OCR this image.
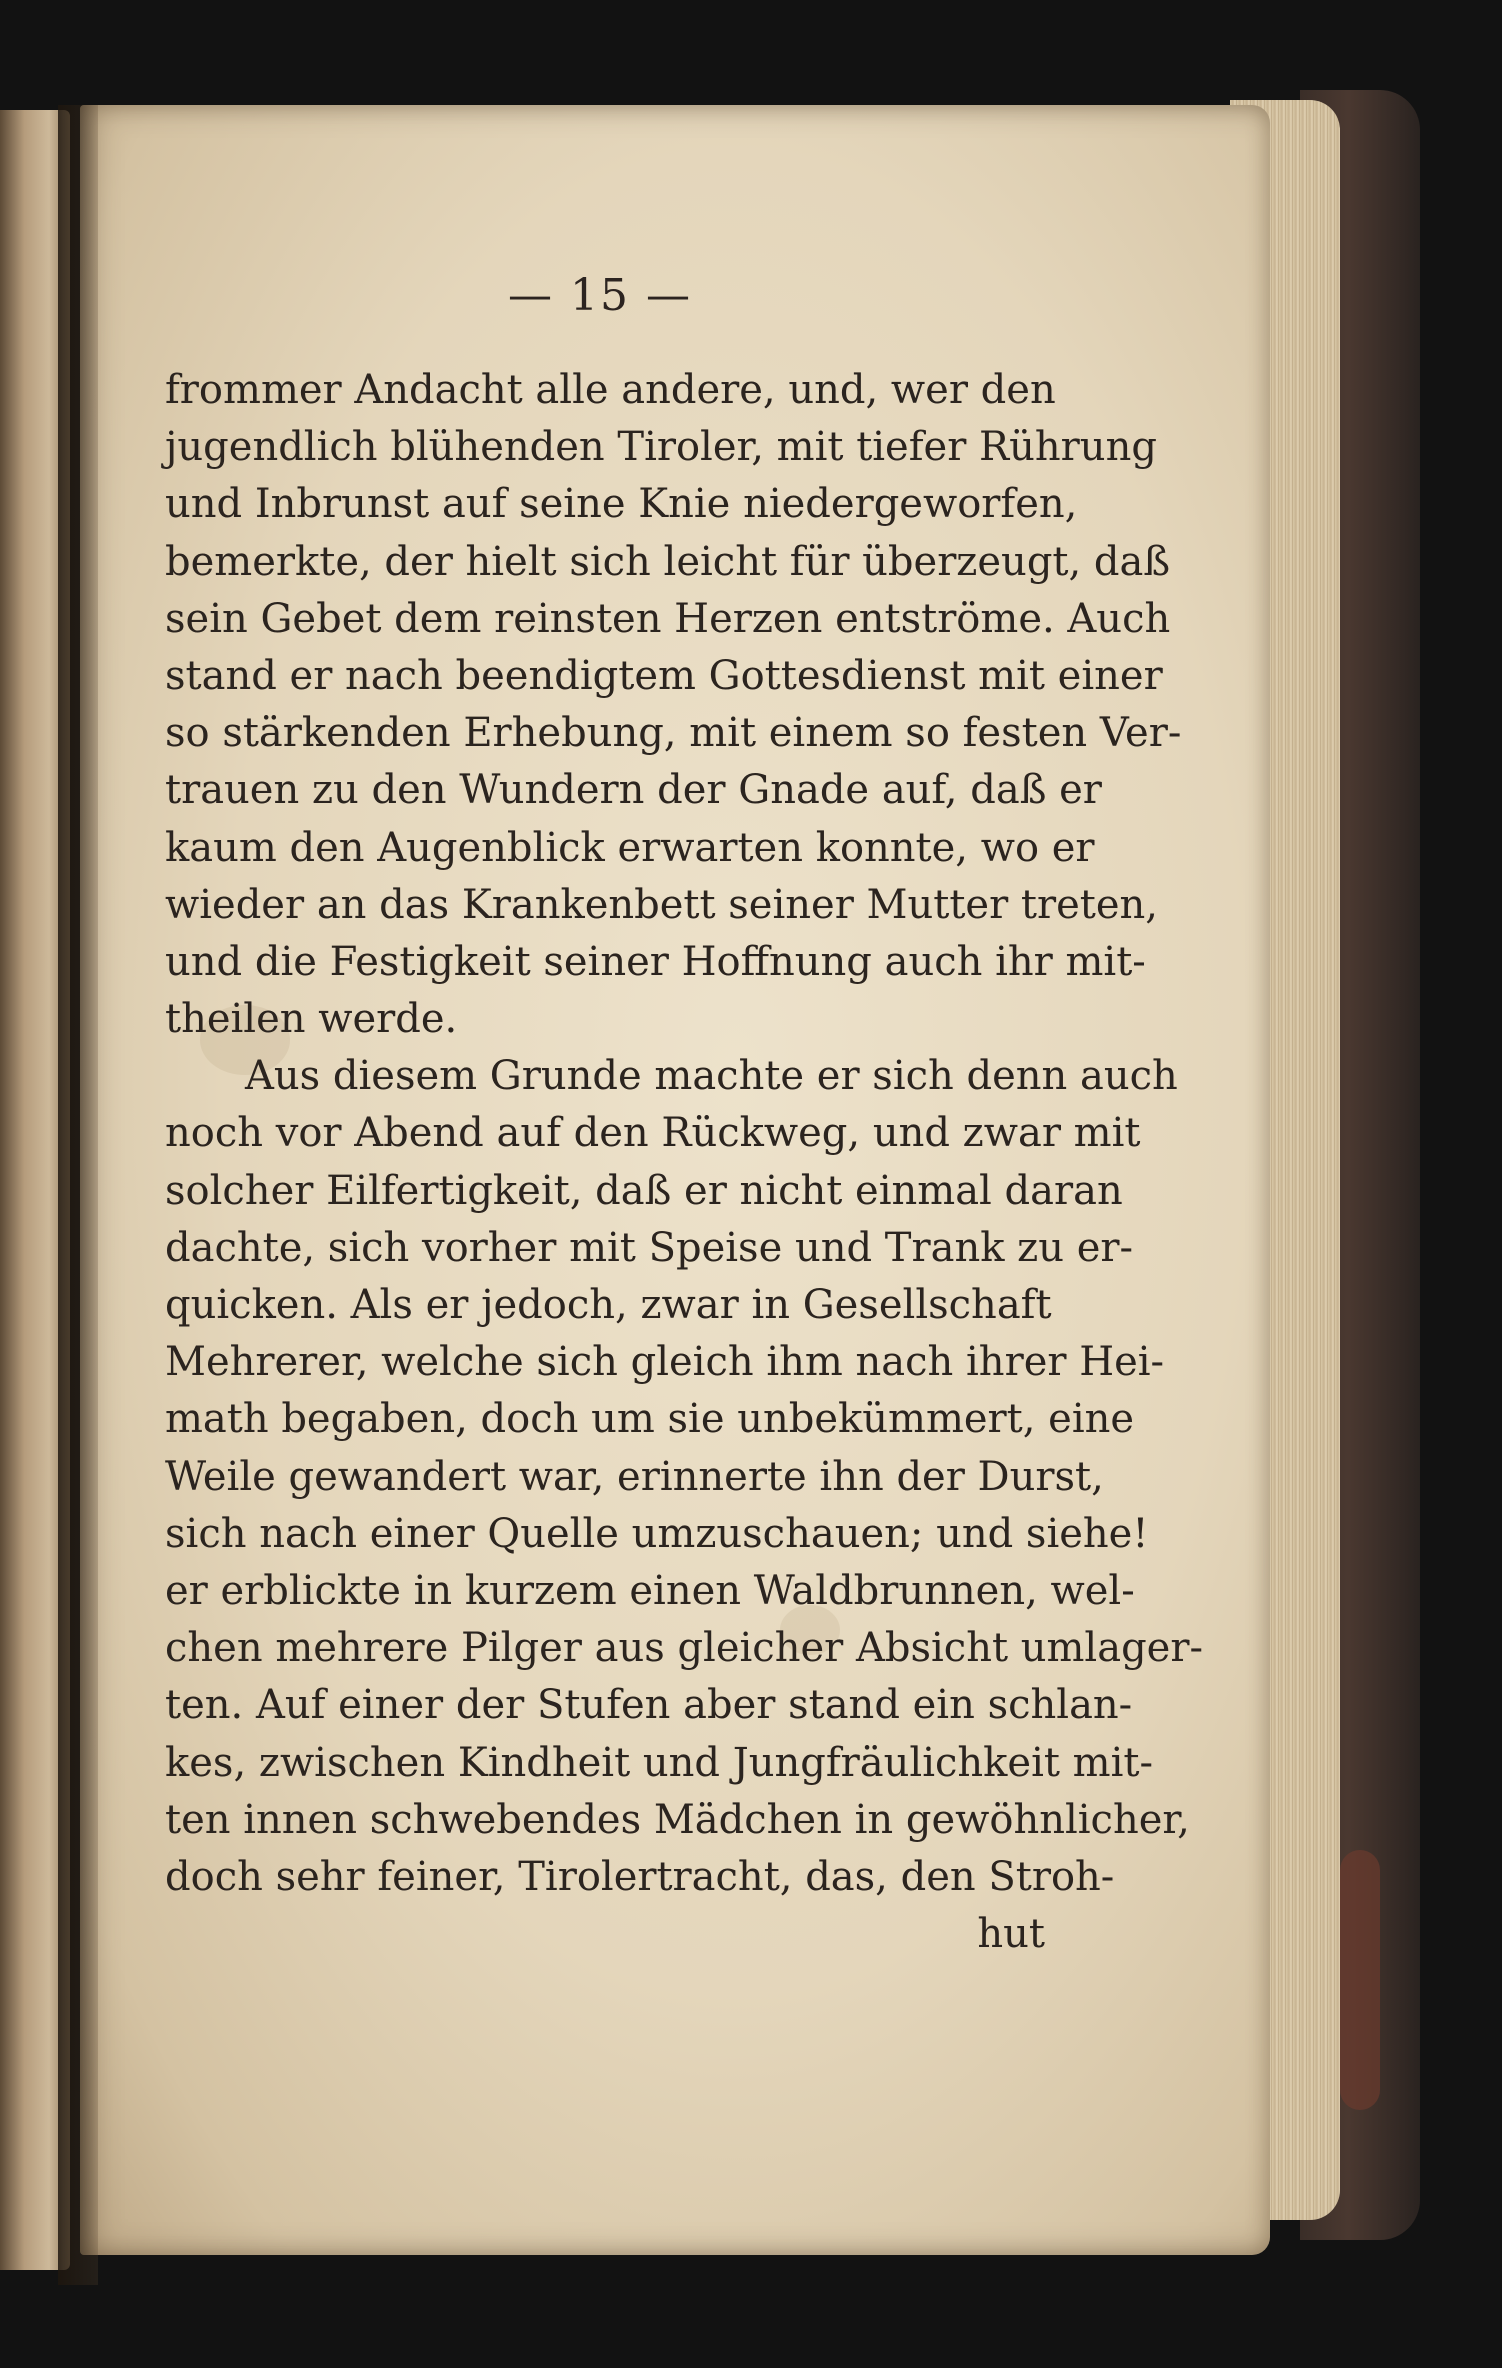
— 15 —
frommer Andacht alle andere, und, wer den
jugendlich blühenden Tiroler, mit tiefer Rührung
und Inbrunst auf seine Knie niedergeworfen,
bemerkte, der hielt sich leicht für überzeugt, daß
sein Gebet dem reinsten Herzen entströme. Auch
stand er nach beendigtem Gottesdienst mit einer
so stärkenden Erhebung, mit einem so festen Ver-
trauen zu den Wundern der Gnade auf, daß er
kaum den Augenblick erwarten konnte, wo er
wieder an das Krankenbett seiner Mutter treten,
und die Festigkeit seiner Hoffnung auch ihr mit-
theilen werde.
Aus diesem Grunde machte er sich denn auch
noch vor Abend auf den Rückweg, und zwar mit
solcher Eilfertigkeit, daß er nicht einmal daran
dachte, sich vorher mit Speise und Trank zu er-
quicken. Als er jedoch, zwar in Gesellschaft
Mehrerer, welche sich gleich ihm nach ihrer Hei-
math begaben, doch um sie unbekümmert, eine
Weile gewandert war, erinnerte ihn der Durst,
sich nach einer Quelle umzuschauen; und siehe!
er erblickte in kurzem einen Waldbrunnen, wel-
chen mehrere Pilger aus gleicher Absicht umlager-
ten. Auf einer der Stufen aber stand ein schlan-
kes, zwischen Kindheit und Jungfräulichkeit mit-
ten innen schwebendes Mädchen in gewöhnlicher,
doch sehr feiner, Tirolertracht, das, den Stroh-
hut
